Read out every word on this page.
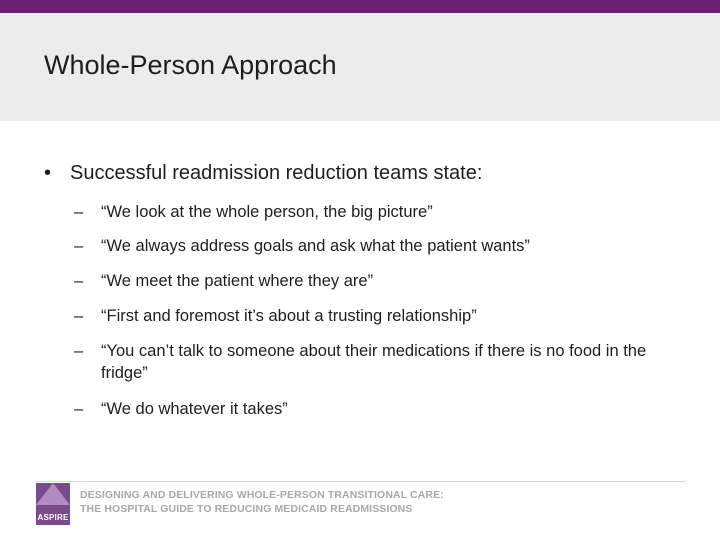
Whole-Person Approach
• Successful readmission reduction teams state:
–	“We look at the whole person, the big picture”
–	“We always address goals and ask what the patient wants”
–	“We meet the patient where they are”
–	“First and foremost it’s about a trusting relationship”
–	“You can’t talk to someone about their medications if there is no food in the fridge”
–	“We do whatever it takes”
ASPIRE
DESIGNING AND DELIVERING WHOLE-PERSON TRANSITIONAL CARE:
THE HOSPITAL GUIDE TO REDUCING MEDICAID READMISSIONS
